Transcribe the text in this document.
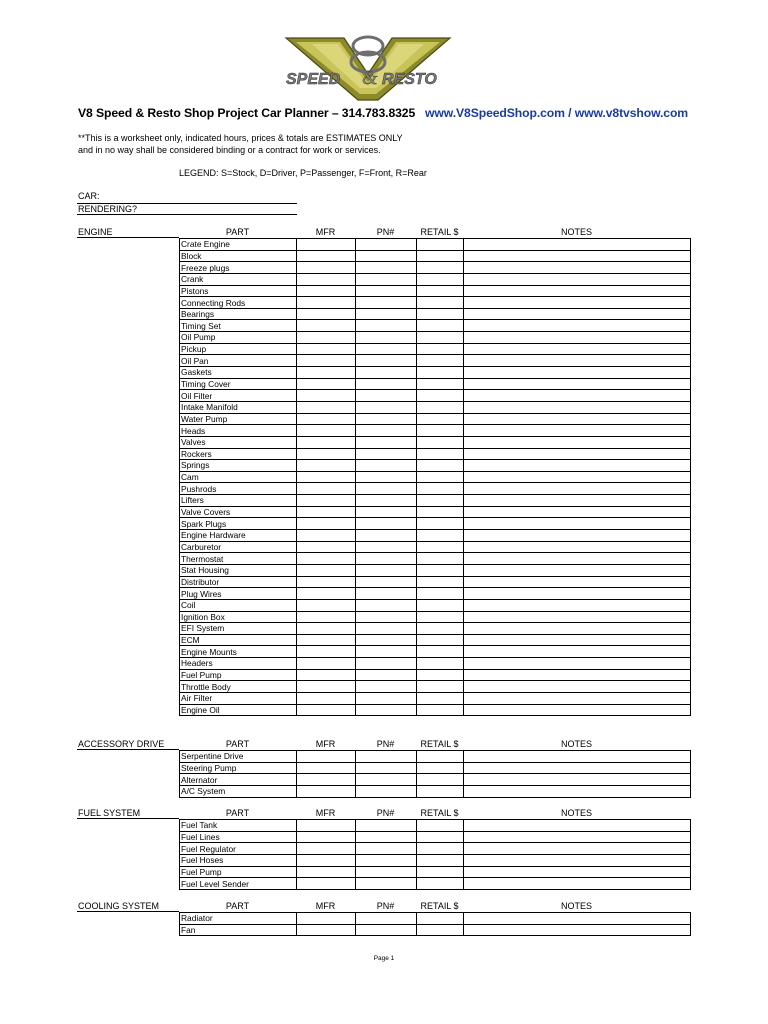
SPEED & RESTO
V8 Speed & Resto Shop Project Car Planner – 314.783.8325 www.V8SpeedShop.com / www.v8tvshow.com
**This is a worksheet only, indicated hours, prices & totals are ESTIMATES ONLY
and in no way shall be considered binding or a contract for work or services.
LEGEND: S=Stock, D=Driver, P=Passenger, F=Front, R=Rear
CAR:
RENDERING?
ENGINE	PART	MFR	PN#	RETAIL $	NOTES
Crate Engine				
Block				
Freeze plugs				
Crank				
Pistons				
Connecting Rods				
Bearings				
Timing Set				
Oil Pump				
Pickup				
Oil Pan				
Gaskets				
Timing Cover				
Oil Filter				
Intake Manifold				
Water Pump				
Heads				
Valves				
Rockers				
Springs				
Cam				
Pushrods				
Lifters				
Valve Covers				
Spark Plugs				
Engine Hardware				
Carburetor				
Thermostat				
Stat Housing				
Distributor				
Plug Wires				
Coil				
Ignition Box				
EFI System				
ECM				
Engine Mounts				
Headers				
Fuel Pump				
Throttle Body				
Air Filter				
Engine Oil				
ACCESSORY DRIVE	PART	MFR	PN#	RETAIL $	NOTES
Serpentine Drive				
Steering Pump				
Alternator				
A/C System				
FUEL SYSTEM	PART	MFR	PN#	RETAIL $	NOTES
Fuel Tank				
Fuel Lines				
Fuel Regulator				
Fuel Hoses				
Fuel Pump				
Fuel Level Sender				
COOLING SYSTEM	PART	MFR	PN#	RETAIL $	NOTES
Radiator				
Fan				
Page 1
